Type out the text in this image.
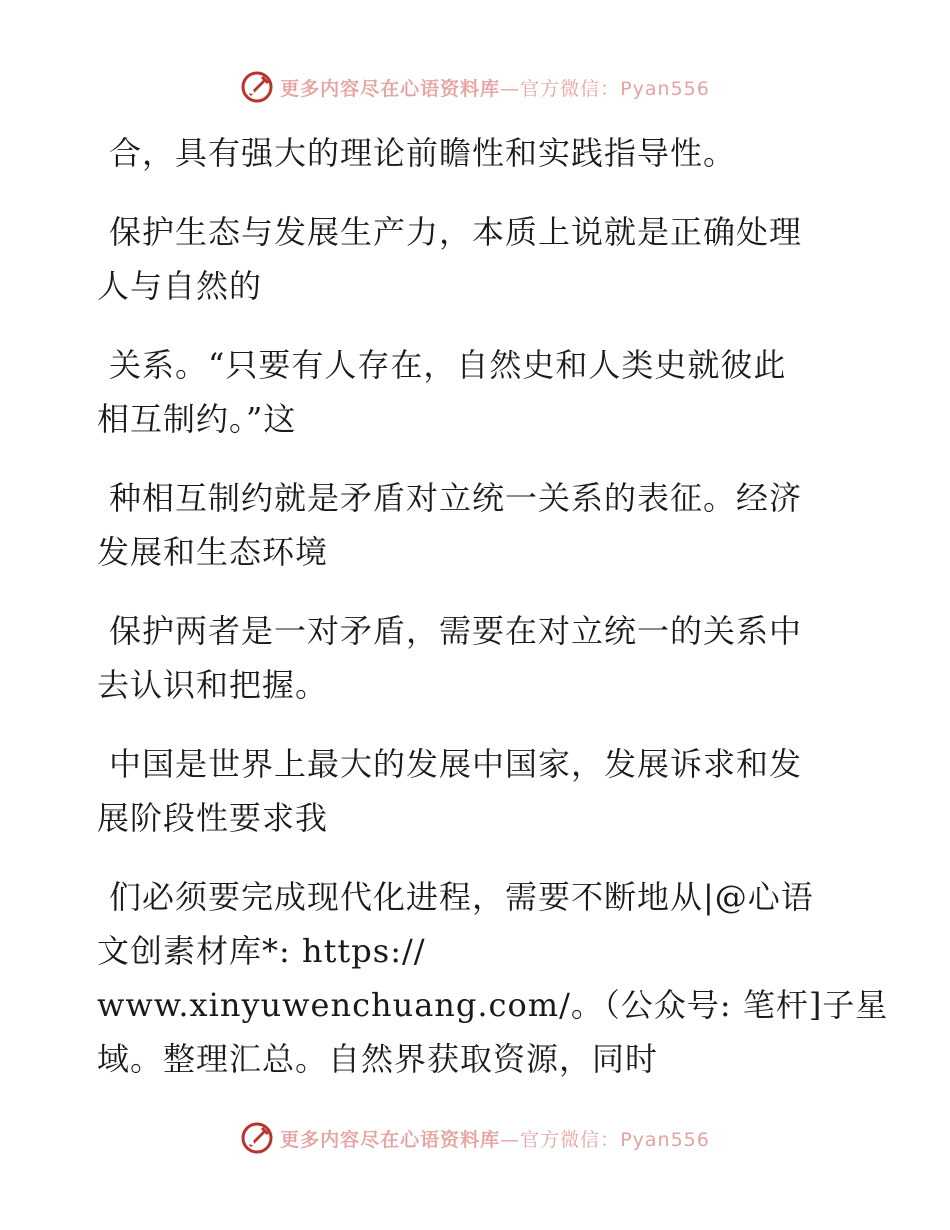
更多内容尽在心语资料库—官方微信：Pyan556

合，具有强大的理论前瞻性和实践指导性。

保护生态与发展生产力，本质上说就是正确处理
人与自然的

关系。“只要有人存在，自然史和人类史就彼此
相互制约。”这

种相互制约就是矛盾对立统一关系的表征。经济
发展和生态环境

保护两者是一对矛盾，需要在对立统一的关系中
去认识和把握。

中国是世界上最大的发展中国家，发展诉求和发
展阶段性要求我

们必须要完成现代化进程，需要不断地从|@心语
文创素材库*: https://
www.xinyuwenchuang.com/。（公众号: 笔杆]子星
域。整理汇总。自然界获取资源，同时

更多内容尽在心语资料库—官方微信：Pyan556
